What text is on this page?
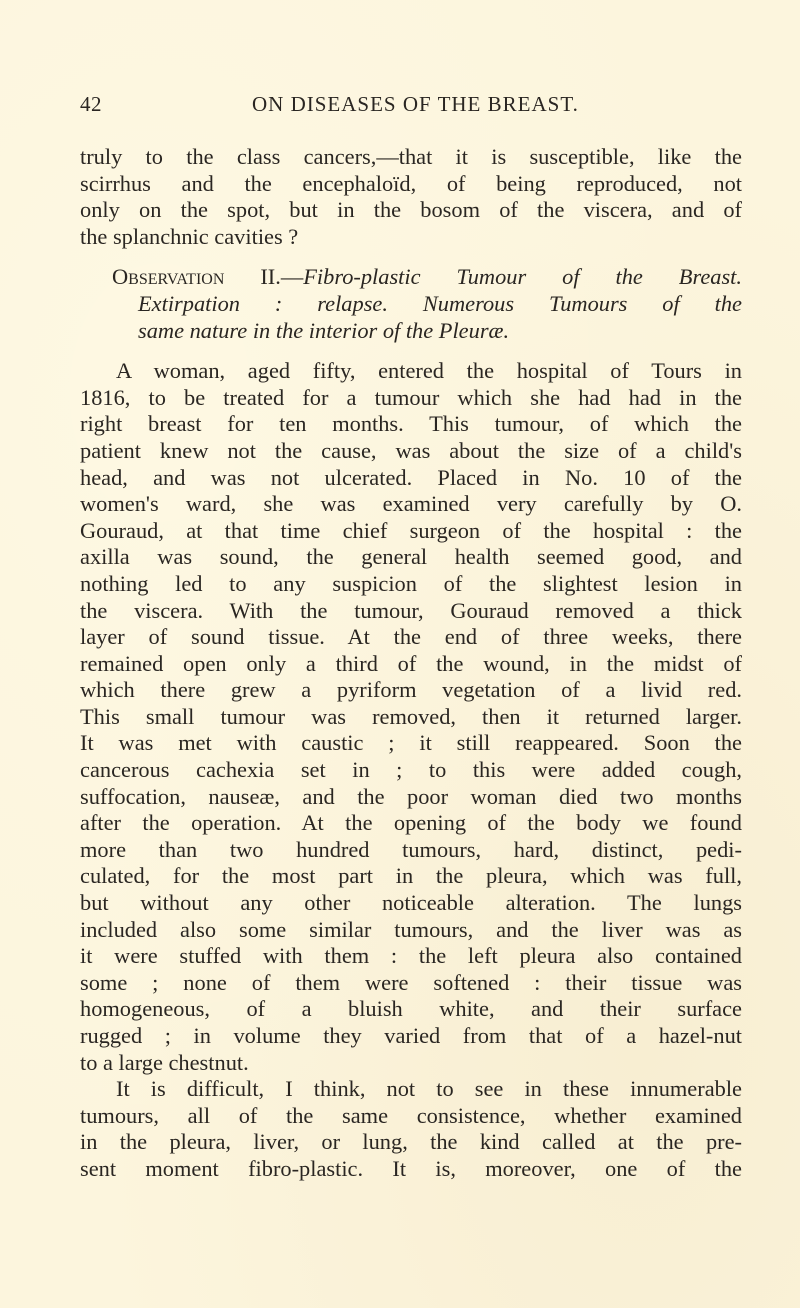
42	ON DISEASES OF THE BREAST.
truly to the class cancers,—that it is susceptible, like the
scirrhus and the encephaloïd, of being reproduced, not
only on the spot, but in the bosom of the viscera, and of
the splanchnic cavities ?
Observation II.—Fibro-plastic Tumour of the Breast.
Extirpation : relapse. Numerous Tumours of the
same nature in the interior of the Pleuræ.
A woman, aged fifty, entered the hospital of Tours in
1816, to be treated for a tumour which she had had in the
right breast for ten months. This tumour, of which the
patient knew not the cause, was about the size of a child's
head, and was not ulcerated. Placed in No. 10 of the
women's ward, she was examined very carefully by O.
Gouraud, at that time chief surgeon of the hospital : the
axilla was sound, the general health seemed good, and
nothing led to any suspicion of the slightest lesion in
the viscera. With the tumour, Gouraud removed a thick
layer of sound tissue. At the end of three weeks, there
remained open only a third of the wound, in the midst of
which there grew a pyriform vegetation of a livid red.
This small tumour was removed, then it returned larger.
It was met with caustic ; it still reappeared. Soon the
cancerous cachexia set in ; to this were added cough,
suffocation, nauseæ, and the poor woman died two months
after the operation. At the opening of the body we found
more than two hundred tumours, hard, distinct, pedi-
culated, for the most part in the pleura, which was full,
but without any other noticeable alteration. The lungs
included also some similar tumours, and the liver was as
it were stuffed with them : the left pleura also contained
some ; none of them were softened : their tissue was
homogeneous, of a bluish white, and their surface
rugged ; in volume they varied from that of a hazel-nut
to a large chestnut.
It is difficult, I think, not to see in these innumerable
tumours, all of the same consistence, whether examined
in the pleura, liver, or lung, the kind called at the pre-
sent moment fibro-plastic. It is, moreover, one of the
